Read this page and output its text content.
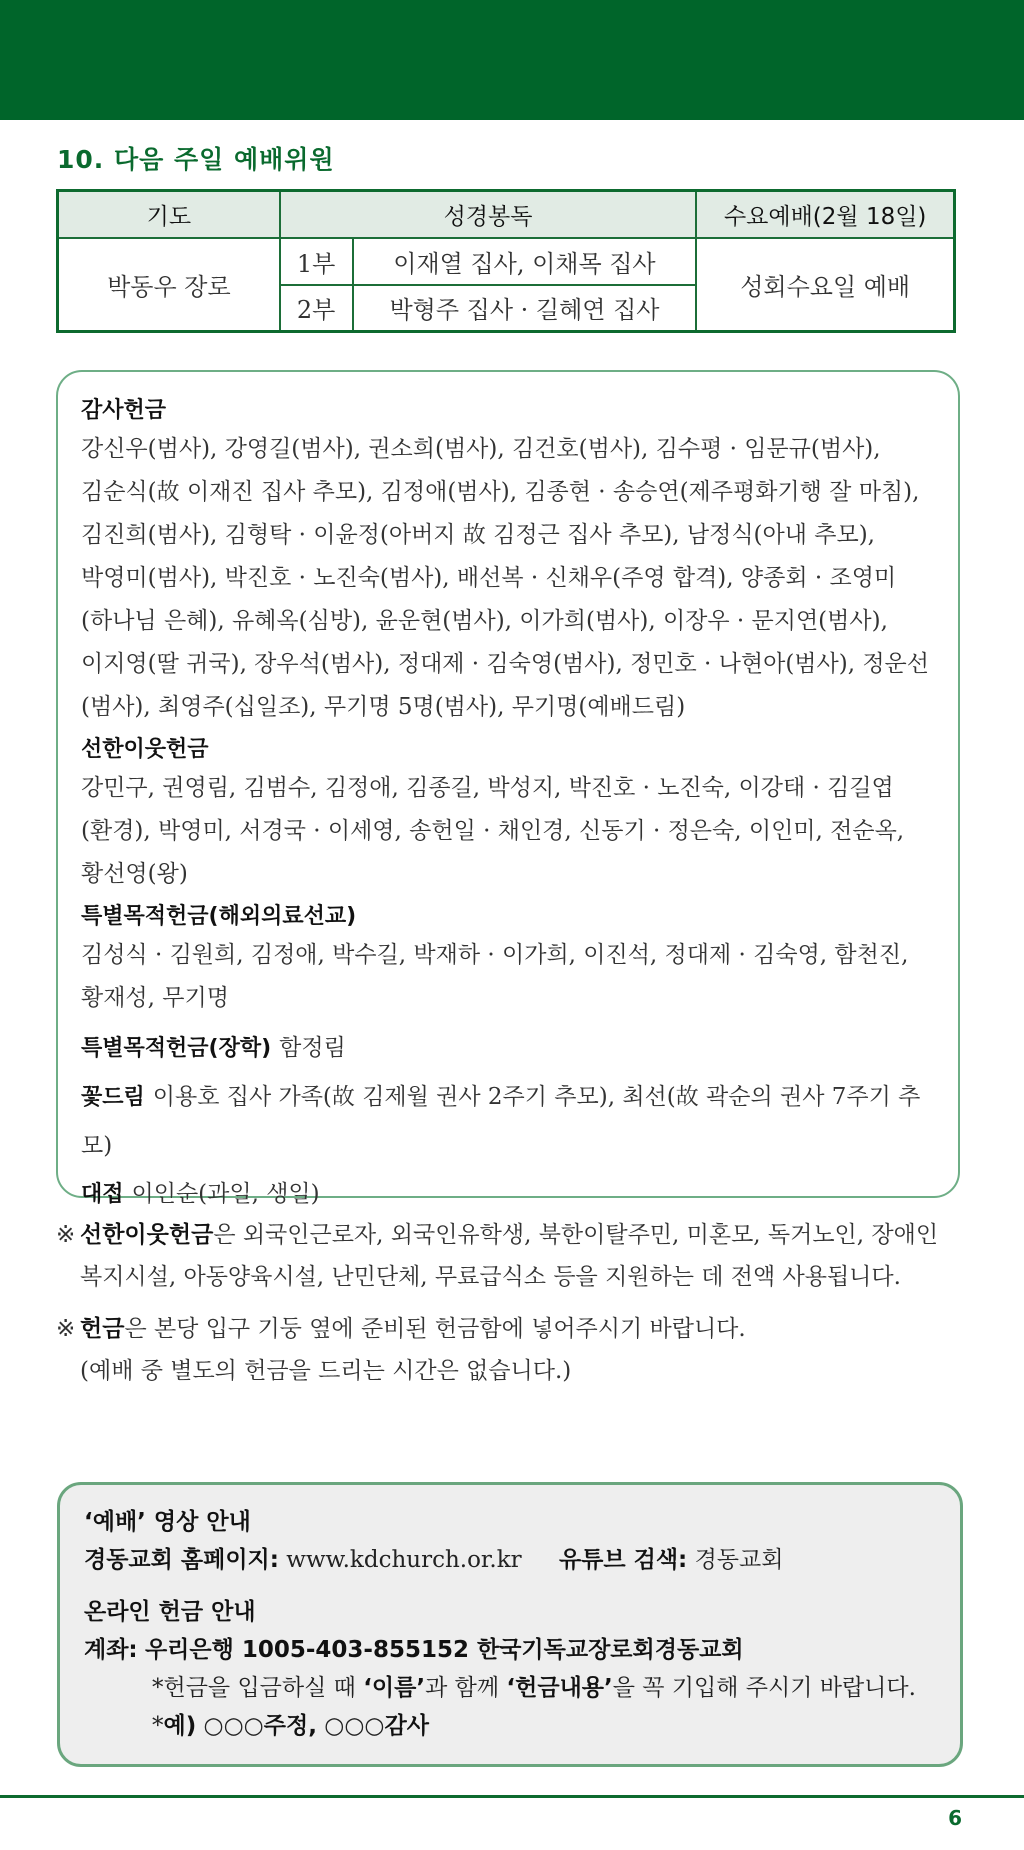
10. 다음 주일 예배위원
기도	성경봉독		수요예배(2월 18일)
박동우 장로	1부	이재열 집사, 이채목 집사	성회수요일 예배
	2부	박형주 집사 · 길혜연 집사	
감사헌금
강신우(범사), 강영길(범사), 권소희(범사), 김건호(범사), 김수평 · 임문규(범사),
김순식(故 이재진 집사 추모), 김정애(범사), 김종현 · 송승연(제주평화기행 잘 마침),
김진희(범사), 김형탁 · 이윤정(아버지 故 김정근 집사 추모), 남정식(아내 추모),
박영미(범사), 박진호 · 노진숙(범사), 배선복 · 신채우(주영 합격), 양종회 · 조영미
(하나님 은혜), 유혜옥(심방), 윤운현(범사), 이가희(범사), 이장우 · 문지연(범사),
이지영(딸 귀국), 장우석(범사), 정대제 · 김숙영(범사), 정민호 · 나현아(범사), 정운선
(범사), 최영주(십일조), 무기명 5명(범사), 무기명(예배드림)
선한이웃헌금
강민구, 권영림, 김범수, 김정애, 김종길, 박성지, 박진호 · 노진숙, 이강태 · 김길엽
(환경), 박영미, 서경국 · 이세영, 송헌일 · 채인경, 신동기 · 정은숙, 이인미, 전순옥,
황선영(왕)
특별목적헌금(해외의료선교)
김성식 · 김원희, 김정애, 박수길, 박재하 · 이가희, 이진석, 정대제 · 김숙영, 함천진,
황재성, 무기명
특별목적헌금(장학) 함정림
꽃드림 이용호 집사 가족(故 김제월 권사 2주기 추모), 최선(故 곽순의 권사 7주기 추모)
대접 이인순(과일, 생일)
※ 선한이웃헌금은 외국인근로자, 외국인유학생, 북한이탈주민, 미혼모, 독거노인, 장애인
복지시설, 아동양육시설, 난민단체, 무료급식소 등을 지원하는 데 전액 사용됩니다.
※ 헌금은 본당 입구 기둥 옆에 준비된 헌금함에 넣어주시기 바랍니다.
(예배 중 별도의 헌금을 드리는 시간은 없습니다.)
‘예배’ 영상 안내
경동교회 홈페이지: www.kdchurch.or.kr 유튜브 검색: 경동교회
온라인 헌금 안내
계좌: 우리은행 1005-403-855152 한국기독교장로회경동교회
*헌금을 입금하실 때 ‘이름’과 함께 ‘헌금내용’을 꼭 기입해 주시기 바랍니다.
*예) ○○○주정, ○○○감사
6
